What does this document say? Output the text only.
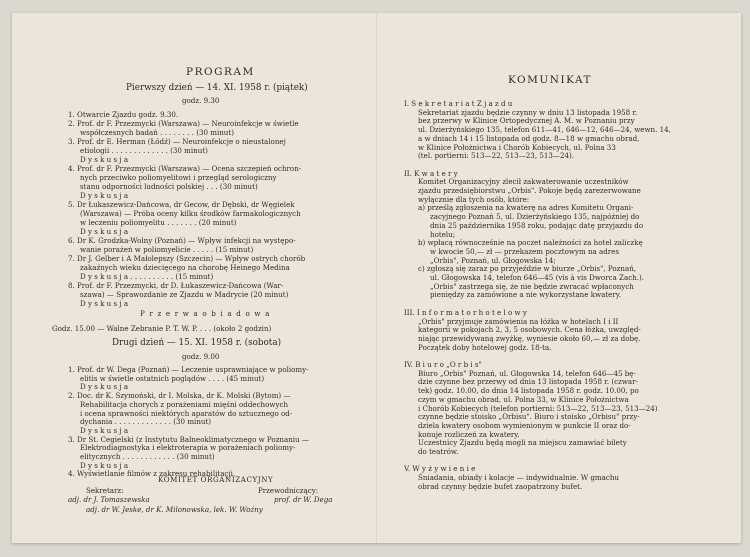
PROGRAM
Pierwszy dzień — 14. XI. 1958 r. (piątek)
godz. 9.30
1. Otwarcie Zjazdu godz. 9.30.
2. Prof. dr F. Przezmycki (Warszawa) — Neuroinfekcje w świetle
współczesnych badań . . . . . . . . (30 minut)
3. Prof. dr E. Herman (Łódź) — Neuroinfekcje o nieustalonej
etiologii . . . . . . . . . . . . . (30 minut)
D y s k u s j a
4. Prof. dr F. Przezmycki (Warszawa) — Ocena szczepień ochron-
nych przeciwko poliomyelitowi i przegląd serologiczny
stanu odporności ludności polskiej . . . (30 minut)
D y s k u s j a
5. Dr Łukaszewicz-Dańcowa, dr Gecow, dr Dębski, dr Węgielek
(Warszawa) — Próba oceny kilku środków farmakologicznych
w leczeniu poliomyelitu . . . . . . . (20 minut)
D y s k u s j a
6. Dr K. Grodzka-Wolny (Poznań) — Wpływ infekcji na występo-
wanie porażeń w poliomyelicie . . . . . (15 minut)
7. Dr J. Gelber i A Małolepszy (Szczecin) — Wpływ ostrych chorób
zakaźnych wieku dziecięcego na chorobę Heinego Medina
D y s k u s j a . . . . . . . . . . (15 minut)
8. Prof. dr F. Przezmycki, dr D. Łukaszewicz-Dańcowa (War-
szawa) — Sprawozdanie ze Zjazdu w Madrycie (20 minut)
D y s k u s j a
P r z e r w a o b i a d o w a
Godz. 15.00 — Walne Zebranie P. T. W. P. . . . (około 2 godzin)
Drugi dzień — 15. XI. 1958 r. (sobota)
godz. 9.00
1. Prof. dr W. Dega (Poznań) — Leczenie usprawniające w poliomy-
elitis w świetle ostatnich poglądów . . . . (45 minut)
D y s k u s j a
2. Doc. dr K. Szymoński, dr I. Molska, dr K. Molski (Bytom) —
Rehabilitacja chorych z porażeniami mięśni oddechowych
i ocena sprawności niektórych aparatów do sztucznego od-
dychania . . . . . . . . . . . . . (30 minut)
D y s k u s j a
3. Dr St. Cegielski (z Instytutu Balneoklimatycznego w Poznaniu —
Elektrodiagnostyka i elektroterapia w porażeniach poliomy-
elitycznych . . . . . . . . . . . . (30 minut)
D y s k u s j a
4. Wyświetlanie filmów z zakresu rehabilitacji.
KOMITET ORGANIZACYJNY
Sekretarz:	Przewodniczący:
adj. dr J. Tomaszewska	prof. dr W. Dega
adj. dr W. Jeske, dr K. Milonowska, lek. W. Woźny
KOMUNIKAT
I. S e k r e t a r i a t Z j a z d u
Sekretariat zjazdu będzie czynny w dniu 13 listopada 1958 r.
bez przerwy w Klinice Ortopedycznej A. M. w Poznaniu przy
ul. Dzierżyńskiego 135, telefon 611—41, 646—12, 646—24, wewn. 14,
a w dniach 14 i 15 listopada od godz. 8—18 w gmachu obrad,
w Klinice Położnictwa i Chorób Kobiecych, ul. Polna 33
(tel. portierni: 513—22, 513—23, 513—24).
II. K w a t e r y
Komitet Organizacyjny zlecił zakwaterowanie uczestników
zjazdu przedsiębiorstwu „Orbis". Pokoje będą zarezerwowane
wyłącznie dla tych osób, które:
a) prześlą zgłoszenia na kwaterę na adres Komitetu Organi-
zacyjnego Poznań 5, ul. Dzierżyńskiego 135, najpóźniej do
dnia 25 października 1958 roku, podając datę przyjazdu do
hotelu;
b) wpłacą równocześnie na poczet należności za hotel zaliczkę
w kwocie 50,— zł — przekazem pocztowym na adres
„Orbis", Poznań, ul. Głogowska 14;
c) zgłoszą się zaraz po przyjeździe w biurze „Orbis", Poznań,
ul. Głogowska 14, telefon 646—45 (vis à vis Dworca Zach.).
„Orbis" zastrzega się, że nie będzie zwracać wpłaconych
pieniędzy za zamówione a nie wykorzystane kwatery.
III. I n f o r m a t o r h o t e l o w y
„Orbis" przyjmuje zamówienia na łóżka w hotelach I i II
kategorii w pokojach 2, 3, 5 osobowych. Cena łóżka, uwzględ-
niając przewidywaną zwyżkę, wyniesie około 60,— zł za dobę.
Początek doby hotelowej godz. 18-ta.
IV. B i u r o „O r b i s"
Biuro „Orbis" Poznań, ul. Głogowska 14, telefon 646—45 bę-
dzie czynne bez przerwy od dnia 13 listopada 1958 r. (czwar-
tek) godz. 10.00, do dnia 14 listopada 1958 r. godz. 10.00, po
czym w gmachu obrad, ul. Polna 33, w Klinice Położnictwa
i Chorób Kobiecych (telefon portierni: 513—22, 513—23, 513—24)
czynne będzie stoisko „Orbisu". Biuro i stoisko „Orbisu" przy-
dziela kwatery osobom wymienionym w punkcie II oraz do-
konuje rozliczeń za kwatery.
Uczestnicy Zjazdu będą mogli na miejscu zamawiać bilety
do teatrów.
V. W y ż y w i e n i e
Śniadania, obiady i kolacje — indywidualnie. W gmachu
obrad czynny będzie bufet zaopatrzony bufet.
